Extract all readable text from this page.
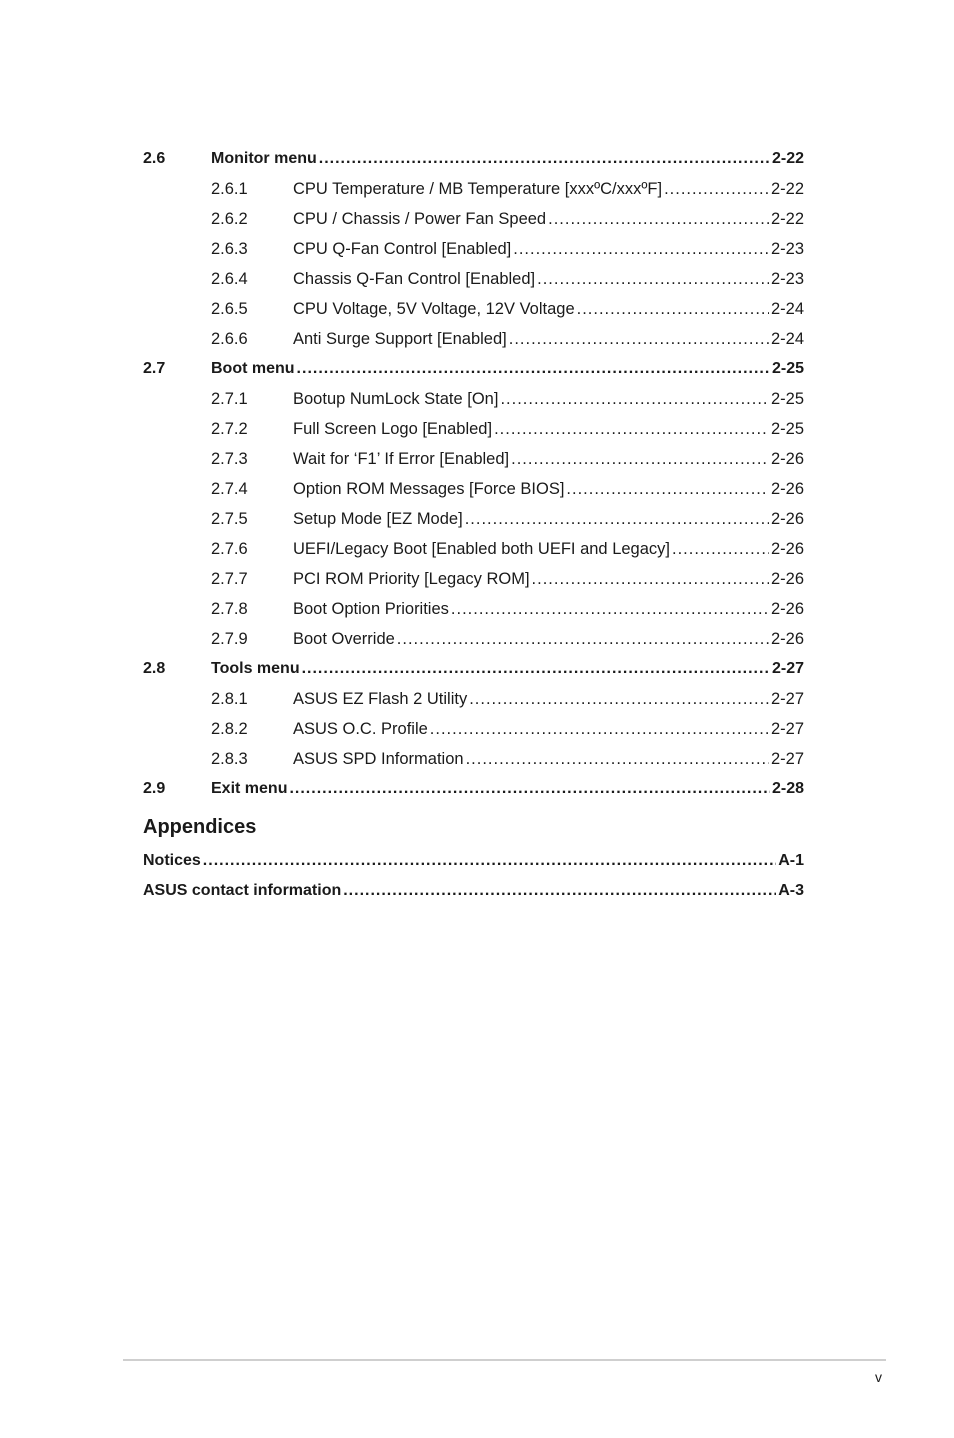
2.6	Monitor menu .....	2-22
2.6.1	CPU Temperature / MB Temperature [xxxºC/xxxºF] .....	2-22
2.6.2	CPU / Chassis / Power Fan Speed .....	2-22
2.6.3	CPU Q-Fan Control [Enabled] .....	2-23
2.6.4	Chassis Q-Fan Control [Enabled] .....	2-23
2.6.5	CPU Voltage, 5V Voltage, 12V Voltage .....	2-24
2.6.6	Anti Surge Support [Enabled] .....	2-24
2.7	Boot menu .....	2-25
2.7.1	Bootup NumLock State [On] .....	2-25
2.7.2	Full Screen Logo [Enabled] .....	2-25
2.7.3	Wait for ‘F1’ If Error [Enabled] .....	2-26
2.7.4	Option ROM Messages [Force BIOS] .....	2-26
2.7.5	Setup Mode [EZ Mode] .....	2-26
2.7.6	UEFI/Legacy Boot [Enabled both UEFI and Legacy] .....	2-26
2.7.7	PCI ROM Priority [Legacy ROM] .....	2-26
2.7.8	Boot Option Priorities .....	2-26
2.7.9	Boot Override .....	2-26
2.8	Tools menu .....	2-27
2.8.1	ASUS EZ Flash 2 Utility .....	2-27
2.8.2	ASUS O.C. Profile .....	2-27
2.8.3	ASUS SPD Information .....	2-27
2.9	Exit menu .....	2-28
Appendices
Notices .....	A-1
ASUS contact information .....	A-3
v
